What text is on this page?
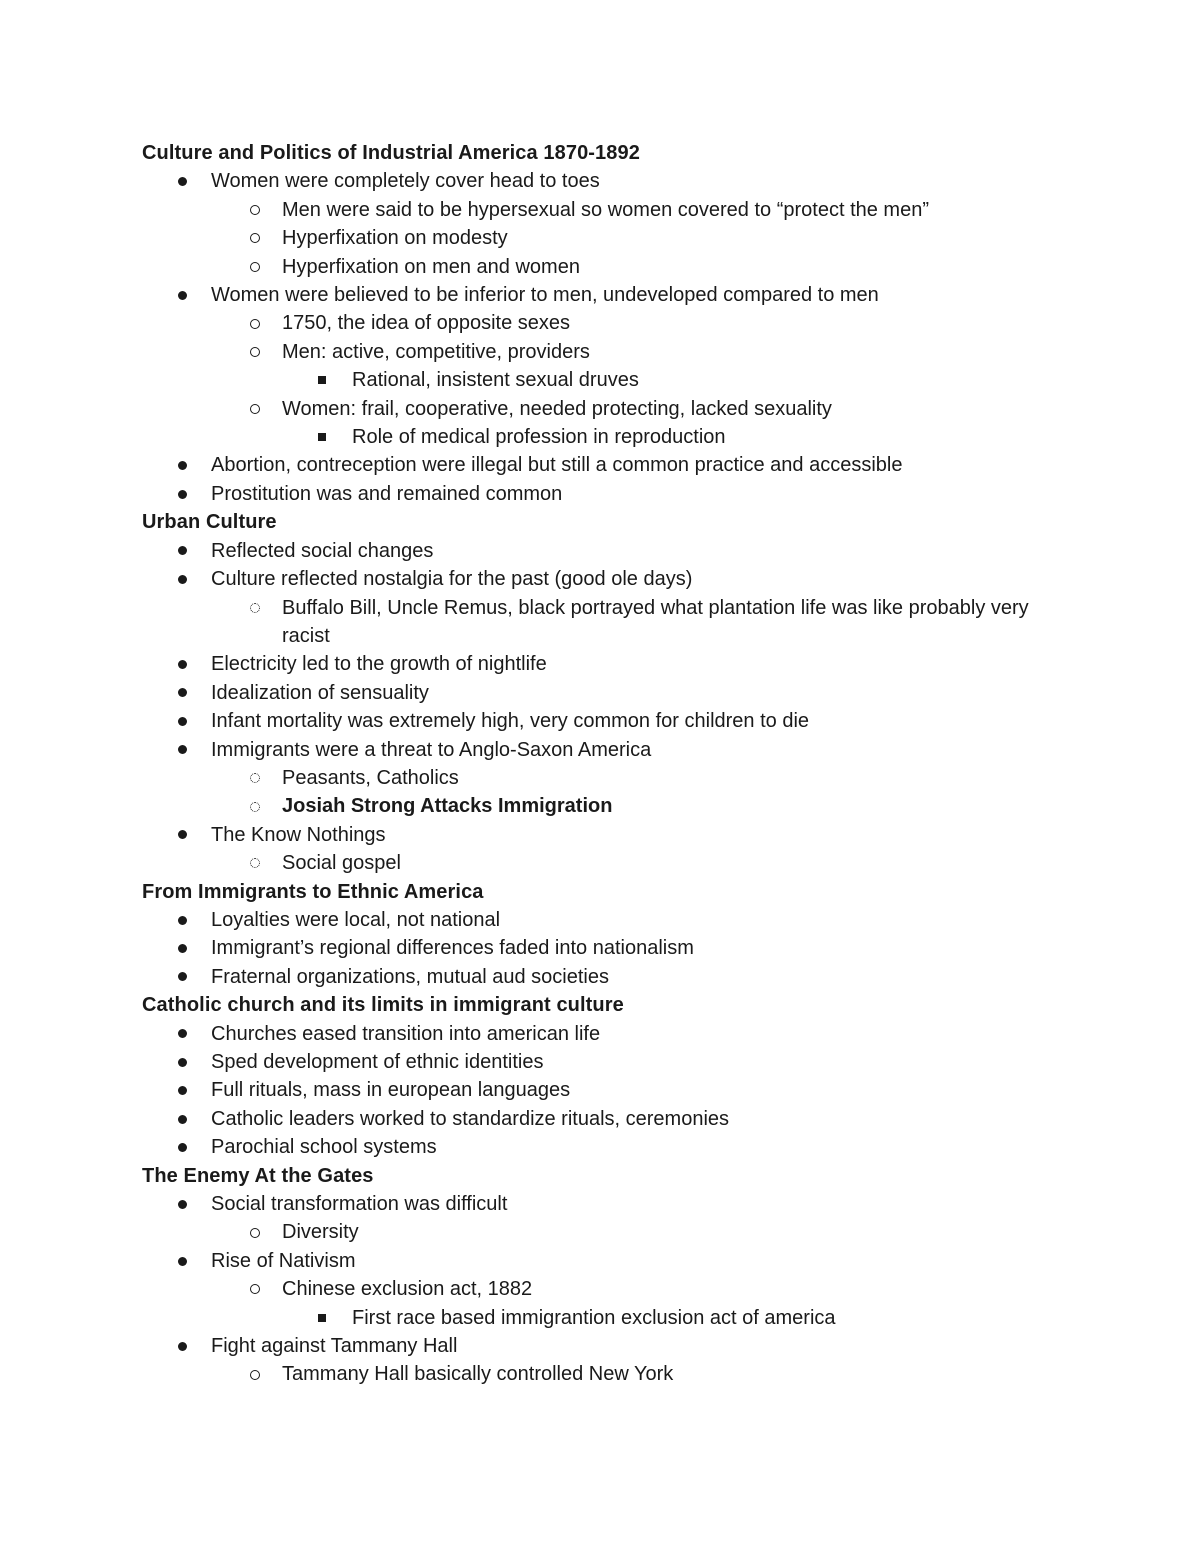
Culture and Politics of Industrial America 1870-1892
Women were completely cover head to toes
Men were said to be hypersexual so women covered to “protect the men”
Hyperfixation on modesty
Hyperfixation on men and women
Women were believed to be inferior to men, undeveloped compared to men
1750, the idea of opposite sexes
Men: active, competitive, providers
Rational, insistent sexual druves
Women: frail, cooperative, needed protecting, lacked sexuality
Role of medical profession in reproduction
Abortion, contreception were illegal but still a common practice and accessible
Prostitution was and remained common
Urban Culture
Reflected social changes
Culture reflected nostalgia for the past (good ole days)
Buffalo Bill, Uncle Remus, black portrayed what plantation life was like probably very racist
Electricity led to the growth of nightlife
Idealization of sensuality
Infant mortality was extremely high, very common for children to die
Immigrants were a threat to Anglo-Saxon America
Peasants, Catholics
Josiah Strong Attacks Immigration
The Know Nothings
Social gospel
From Immigrants to Ethnic America
Loyalties were local, not national
Immigrant’s regional differences faded into nationalism
Fraternal organizations, mutual aud societies
Catholic church and its limits in immigrant culture
Churches eased transition into american life
Sped development of ethnic identities
Full rituals, mass in european languages
Catholic leaders worked to standardize rituals, ceremonies
Parochial school systems
The Enemy At the Gates
Social transformation was difficult
Diversity
Rise of Nativism
Chinese exclusion act, 1882
First race based immigrantion exclusion act of america
Fight against Tammany Hall
Tammany Hall basically controlled New York
